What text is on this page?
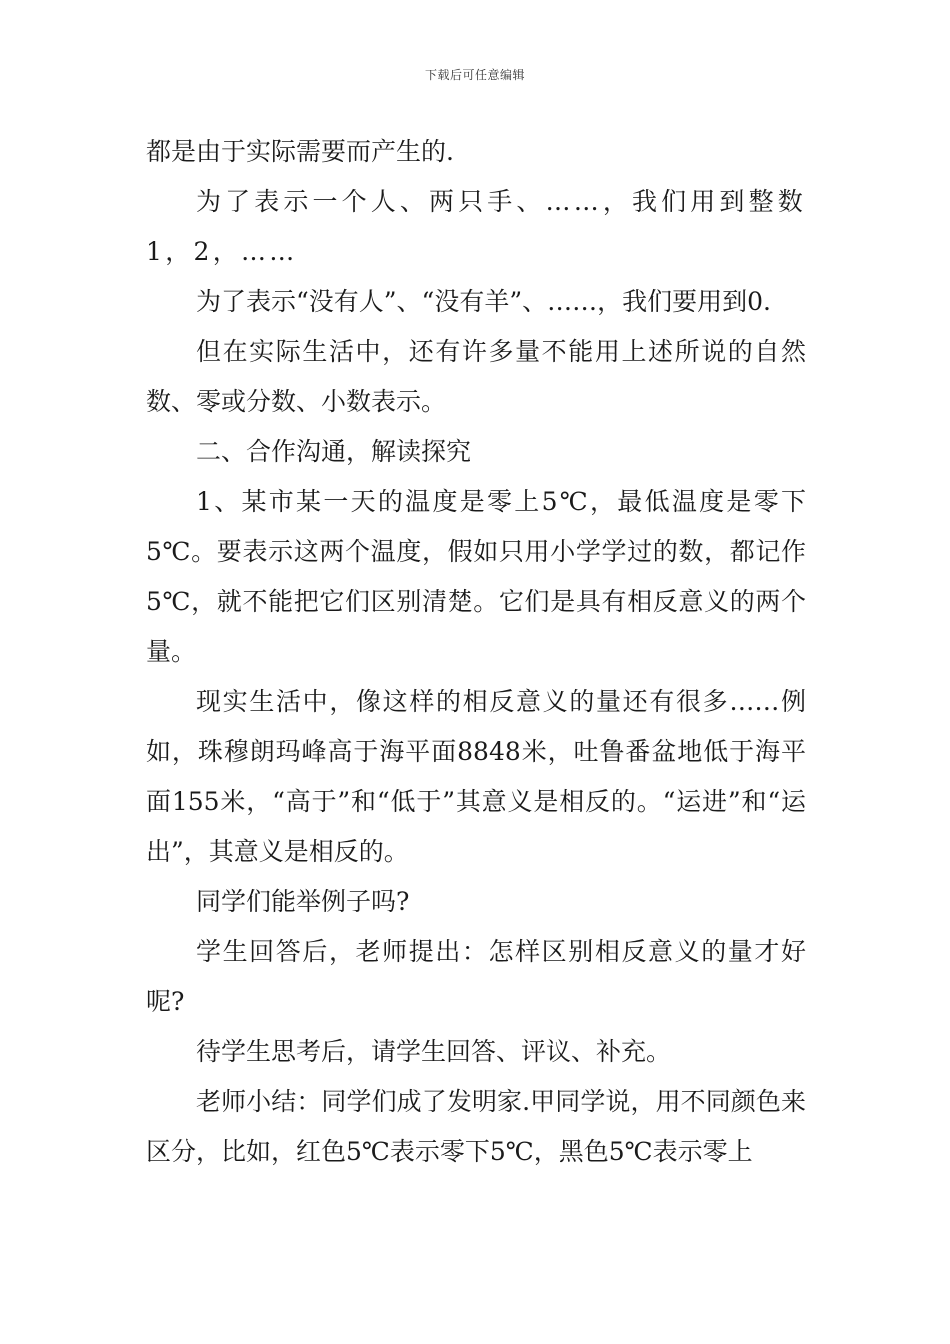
下载后可任意编辑

都是由于实际需要而产生的.

为了表示一个人、两只手、……，我们用到整数1，2，……

为了表示“没有人”、“没有羊”、……，我们要用到0.

但在实际生活中，还有许多量不能用上述所说的自然数、零或分数、小数表示。

二、合作沟通，解读探究

1、某市某一天的温度是零上5℃，最低温度是零下5℃。要表示这两个温度，假如只用小学学过的数，都记作5℃，就不能把它们区别清楚。它们是具有相反意义的两个量。

现实生活中，像这样的相反意义的量还有很多……例如，珠穆朗玛峰高于海平面8848米，吐鲁番盆地低于海平面155米，“高于”和“低于”其意义是相反的。“运进”和“运出”，其意义是相反的。

同学们能举例子吗?

学生回答后，老师提出：怎样区别相反意义的量才好呢?

待学生思考后，请学生回答、评议、补充。

老师小结：同学们成了发明家.甲同学说，用不同颜色来区分，比如，红色5℃表示零下5℃，黑色5℃表示零上
